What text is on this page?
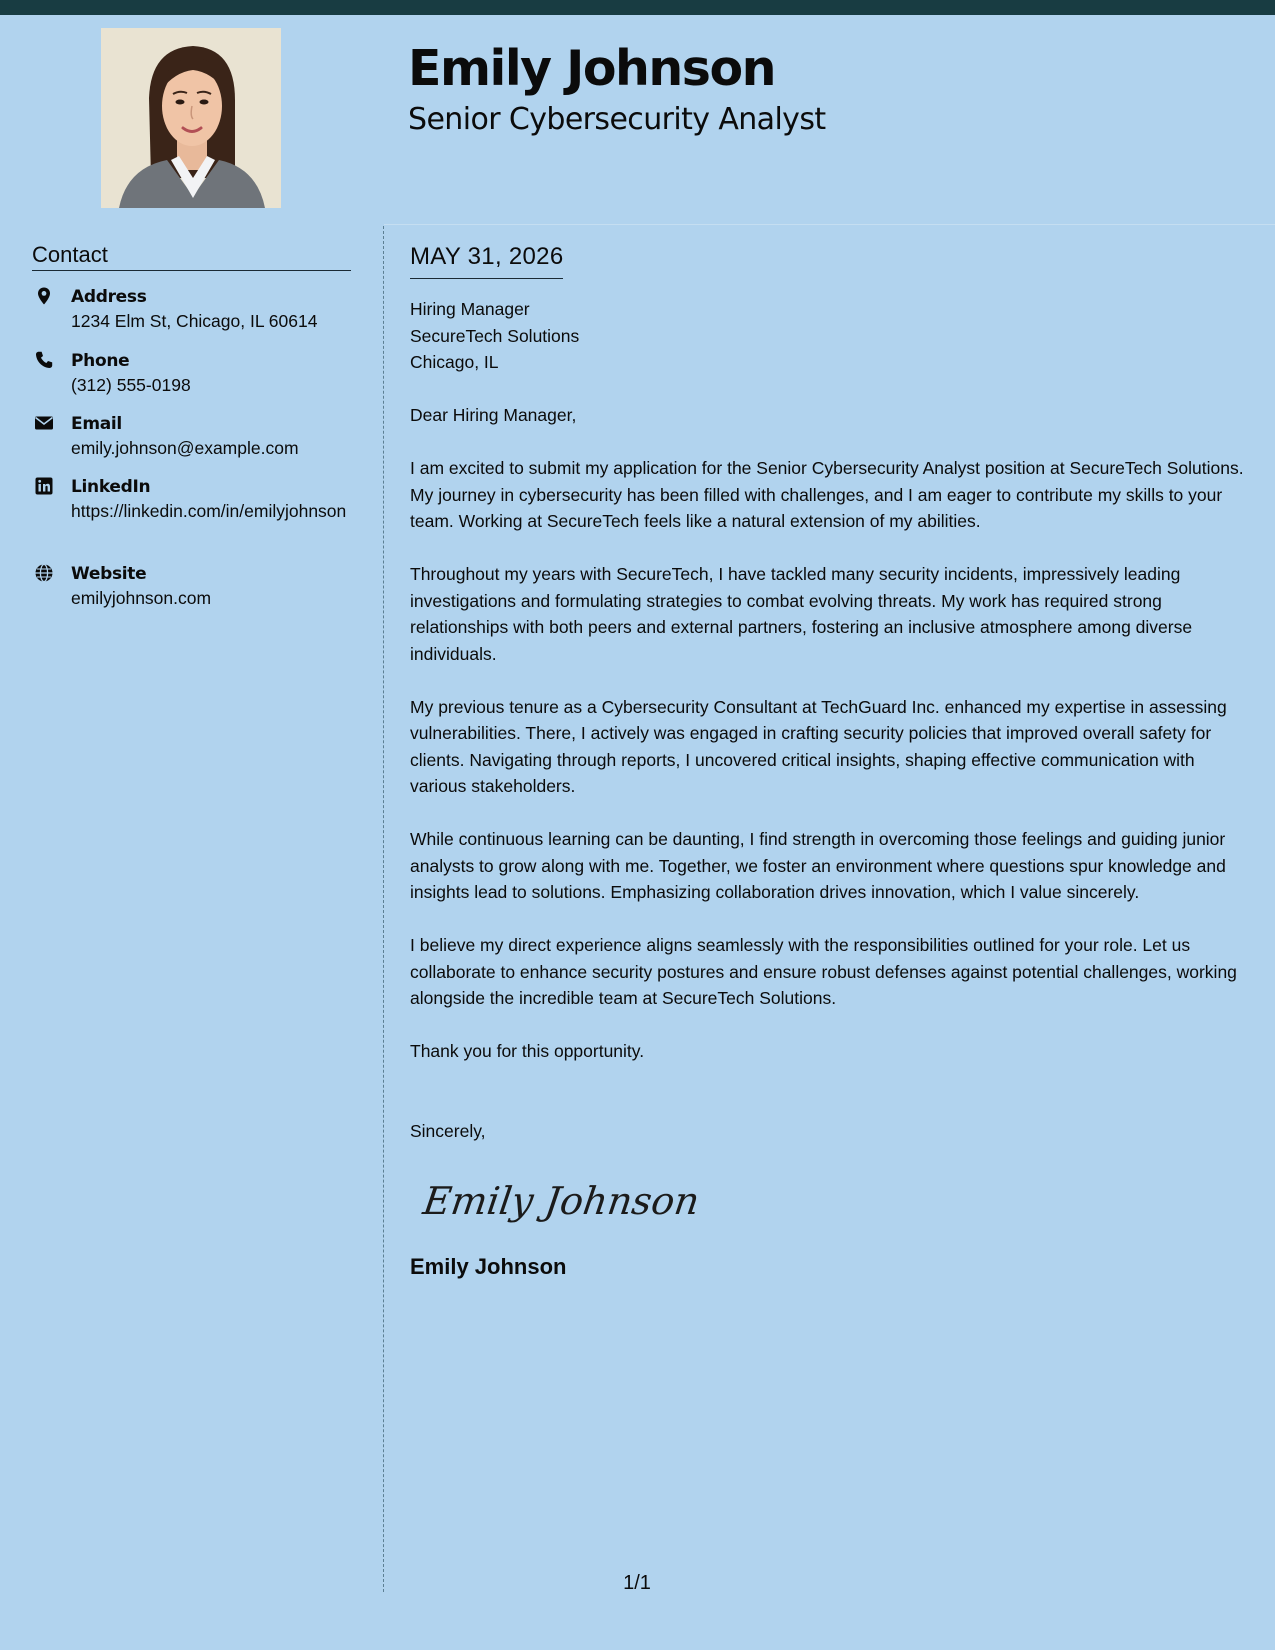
Emily Johnson
Senior Cybersecurity Analyst
Contact
Address
1234 Elm St, Chicago, IL 60614
Phone
(312) 555-0198
Email
emily.johnson@example.com
LinkedIn
https://linkedin.com/in/emilyjohnson
Website
emilyjohnson.com
MAY 31, 2026
Hiring Manager
SecureTech Solutions
Chicago, IL

Dear Hiring Manager,

I am excited to submit my application for the Senior Cybersecurity Analyst position at SecureTech Solutions. My journey in cybersecurity has been filled with challenges, and I am eager to contribute my skills to your team. Working at SecureTech feels like a natural extension of my abilities.

Throughout my years with SecureTech, I have tackled many security incidents, impressively leading investigations and formulating strategies to combat evolving threats. My work has required strong relationships with both peers and external partners, fostering an inclusive atmosphere among diverse individuals.

My previous tenure as a Cybersecurity Consultant at TechGuard Inc. enhanced my expertise in assessing vulnerabilities. There, I actively was engaged in crafting security policies that improved overall safety for clients. Navigating through reports, I uncovered critical insights, shaping effective communication with various stakeholders.

While continuous learning can be daunting, I find strength in overcoming those feelings and guiding junior analysts to grow along with me. Together, we foster an environment where questions spur knowledge and insights lead to solutions. Emphasizing collaboration drives innovation, which I value sincerely.

I believe my direct experience aligns seamlessly with the responsibilities outlined for your role. Let us collaborate to enhance security postures and ensure robust defenses against potential challenges, working alongside the incredible team at SecureTech Solutions.

Thank you for this opportunity.

Sincerely,
Emily Johnson
Emily Johnson
1/1
